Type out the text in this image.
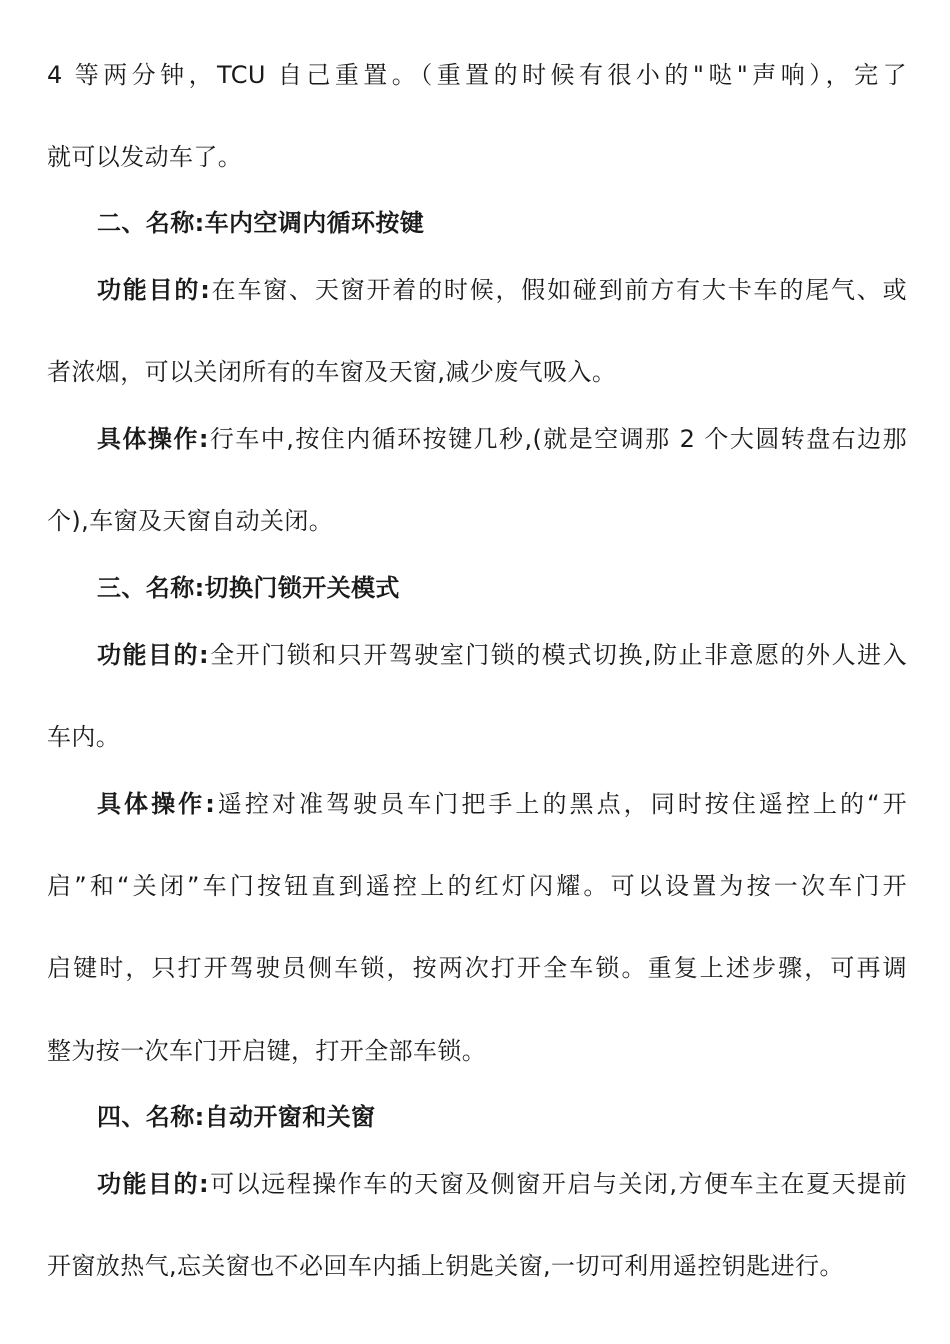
4 等两分钟，TCU 自己重置。（重置的时候有很小的"哒"声响），完了
就可以发动车了。
二、名称:车内空调内循环按键
功能目的:在车窗、天窗开着的时候，假如碰到前方有大卡车的尾气、或
者浓烟，可以关闭所有的车窗及天窗,减少废气吸入。
具体操作:行车中,按住内循环按键几秒,(就是空调那 2 个大圆转盘右边那
个),车窗及天窗自动关闭。
三、名称:切换门锁开关模式
功能目的:全开门锁和只开驾驶室门锁的模式切换,防止非意愿的外人进入
车内。
具体操作:遥控对准驾驶员车门把手上的黑点，同时按住遥控上的“开
启”和“关闭”车门按钮直到遥控上的红灯闪耀。可以设置为按一次车门开
启键时，只打开驾驶员侧车锁，按两次打开全车锁。重复上述步骤，可再调
整为按一次车门开启键，打开全部车锁。
四、名称:自动开窗和关窗
功能目的:可以远程操作车的天窗及侧窗开启与关闭,方便车主在夏天提前
开窗放热气,忘关窗也不必回车内插上钥匙关窗,一切可利用遥控钥匙进行。
